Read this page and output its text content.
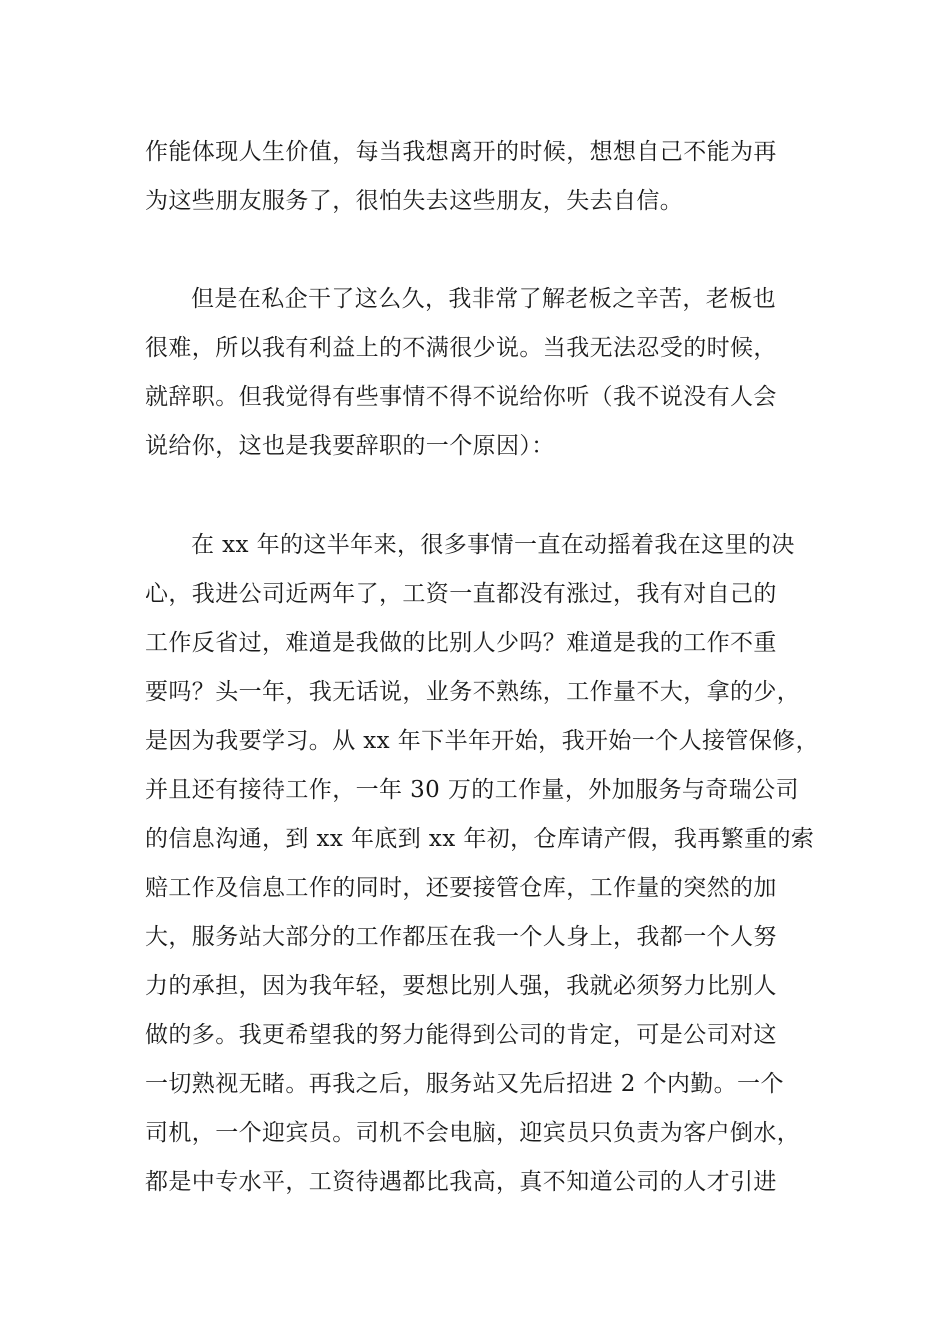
作能体现人生价值，每当我想离开的时候，想想自己不能为再
为这些朋友服务了，很怕失去这些朋友，失去自信。
但是在私企干了这么久，我非常了解老板之辛苦，老板也
很难，所以我有利益上的不满很少说。当我无法忍受的时候，
就辞职。但我觉得有些事情不得不说给你听（我不说没有人会
说给你，这也是我要辞职的一个原因）：
在 xx 年的这半年来，很多事情一直在动摇着我在这里的决
心，我进公司近两年了，工资一直都没有涨过，我有对自己的
工作反省过，难道是我做的比别人少吗？难道是我的工作不重
要吗？头一年，我无话说，业务不熟练，工作量不大，拿的少，
是因为我要学习。从 xx 年下半年开始，我开始一个人接管保修，
并且还有接待工作，一年 30 万的工作量，外加服务与奇瑞公司
的信息沟通，到 xx 年底到 xx 年初，仓库请产假，我再繁重的索
赔工作及信息工作的同时，还要接管仓库，工作量的突然的加
大，服务站大部分的工作都压在我一个人身上，我都一个人努
力的承担，因为我年轻，要想比别人强，我就必须努力比别人
做的多。我更希望我的努力能得到公司的肯定，可是公司对这
一切熟视无睹。再我之后，服务站又先后招进 2 个内勤。一个
司机，一个迎宾员。司机不会电脑，迎宾员只负责为客户倒水，
都是中专水平，工资待遇都比我高，真不知道公司的人才引进
